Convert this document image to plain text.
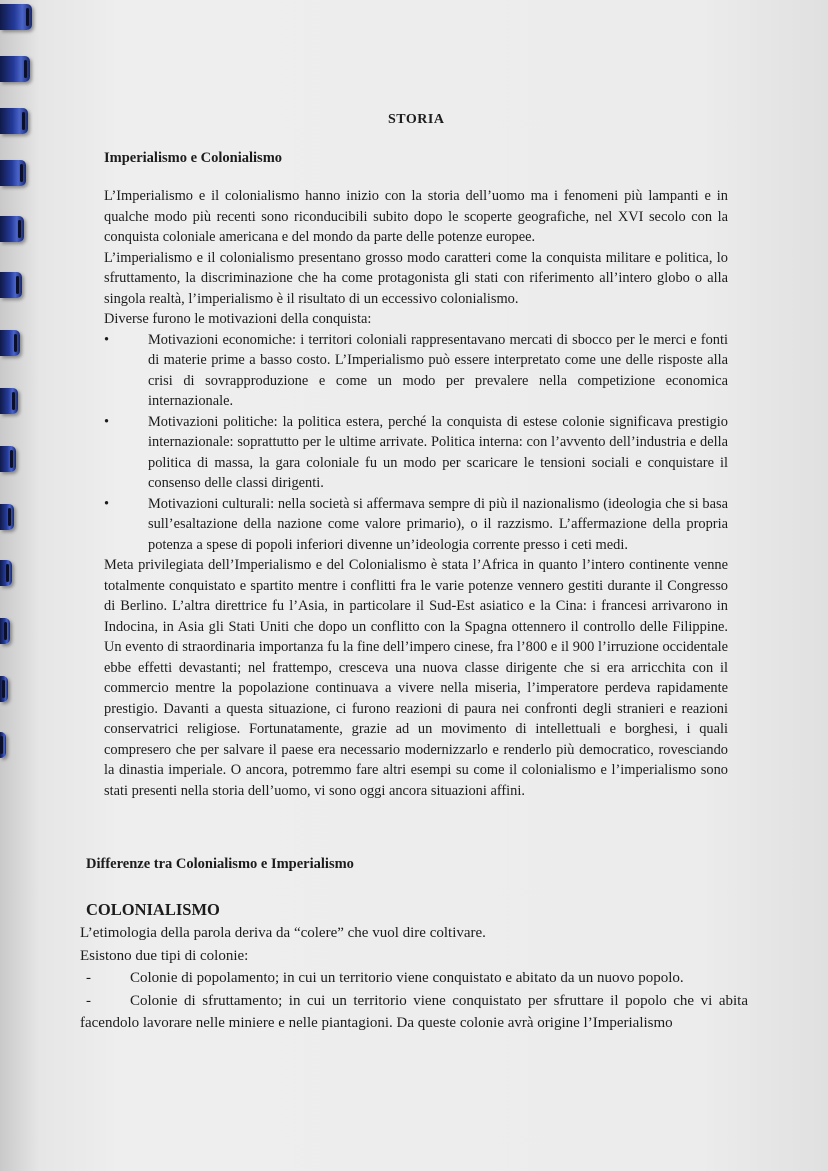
STORIA
Imperialismo e Colonialismo

L’Imperialismo e il colonialismo hanno inizio con la storia dell’uomo ma i fenomeni più lampanti e in qualche modo più recenti sono riconducibili subito dopo le scoperte geografiche, nel XVI secolo con la conquista coloniale americana e del mondo da parte delle potenze europee.

L’imperialismo e il colonialismo presentano grosso modo caratteri come la conquista militare e politica, lo sfruttamento, la discriminazione che ha come protagonista gli stati con riferimento all’intero globo o alla singola realtà, l’imperialismo è il risultato di un eccessivo colonialismo.

Diverse furono le motivazioni della conquista:

•	Motivazioni economiche: i territori coloniali rappresentavano mercati di sbocco per le merci e fonti di materie prime a basso costo. L’Imperialismo può essere interpretato come une delle risposte alla crisi di sovrapproduzione e come un modo per prevalere nella competizione economica internazionale.
•	Motivazioni politiche: la politica estera, perché la conquista di estese colonie significava prestigio internazionale: soprattutto per le ultime arrivate. Politica interna: con l’avvento dell’industria e della politica di massa, la gara coloniale fu un modo per scaricare le tensioni sociali e conquistare il consenso delle classi dirigenti.
•	Motivazioni culturali: nella società si affermava sempre di più il nazionalismo (ideologia che si basa sull’esaltazione della nazione come valore primario), o il razzismo. L’affermazione della propria potenza a spese di popoli inferiori divenne un’ideologia corrente presso i ceti medi.

Meta privilegiata dell’Imperialismo e del Colonialismo è stata l’Africa in quanto l’intero continente venne totalmente conquistato e spartito mentre i conflitti fra le varie potenze vennero gestiti durante il Congresso di Berlino. L’altra direttrice fu l’Asia, in particolare il Sud-Est asiatico e la Cina: i francesi arrivarono in Indocina, in Asia gli Stati Uniti che dopo un conflitto con la Spagna ottennero il controllo delle Filippine. Un evento di straordinaria importanza fu la fine dell’impero cinese, fra l’800 e il 900 l’irruzione occidentale ebbe effetti devastanti; nel frattempo, cresceva una nuova classe dirigente che si era arricchita con il commercio mentre la popolazione continuava a vivere nella miseria, l’imperatore perdeva rapidamente prestigio. Davanti a questa situazione, ci furono reazioni di paura nei confronti degli stranieri e reazioni conservatrici religiose. Fortunatamente, grazie ad un movimento di intellettuali e borghesi, i quali compresero che per salvare il paese era necessario modernizzarlo e renderlo più democratico, rovesciando la dinastia imperiale. O ancora, potremmo fare altri esempi su come il colonialismo e l’imperialismo sono stati presenti nella storia dell’uomo, vi sono oggi ancora situazioni affini.

Differenze tra Colonialismo e Imperialismo
COLONIALISMO

L’etimologia della parola deriva da “colere” che vuol dire coltivare.

Esistono due tipi di colonie:

-	Colonie di popolamento; in cui un territorio viene conquistato e abitato da un nuovo popolo.
-	Colonie di sfruttamento; in cui un territorio viene conquistato per sfruttare il popolo che vi abita facendolo lavorare nelle miniere e nelle piantagioni. Da queste colonie avrà origine l’Imperialismo
